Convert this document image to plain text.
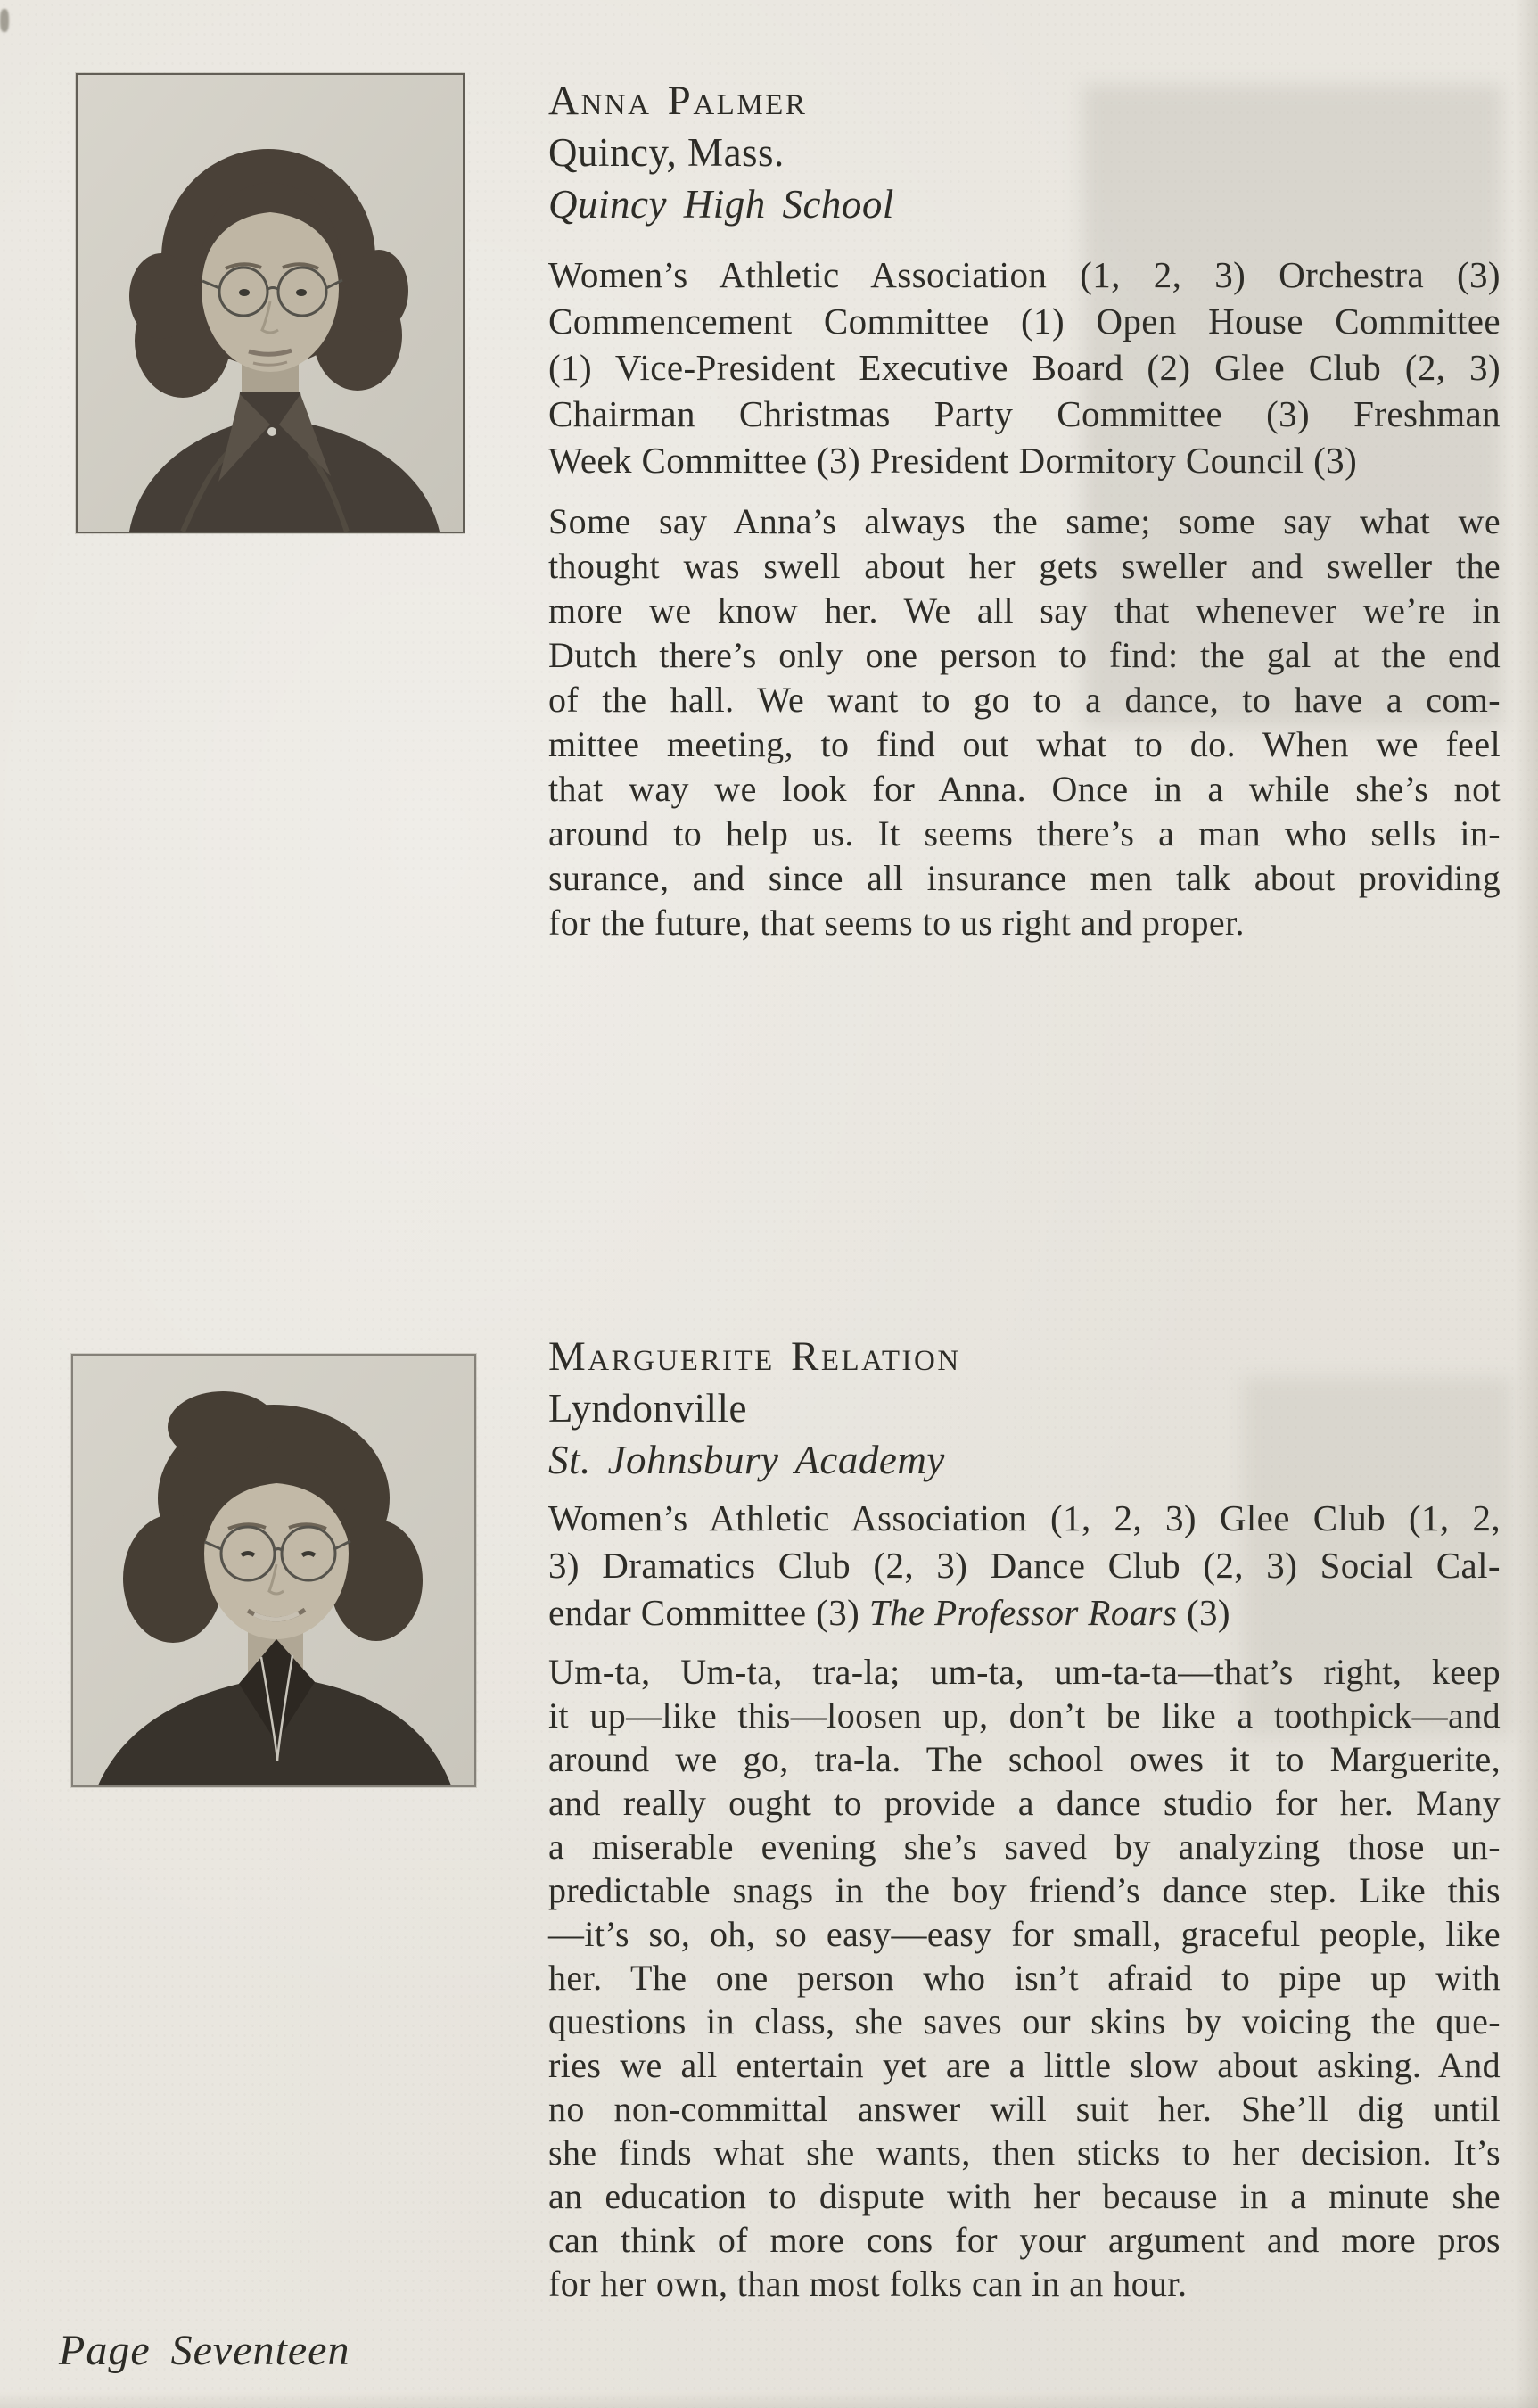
Anna Palmer
Quincy, Mass.
Quincy High School
Women’s Athletic Association (1, 2, 3) Orchestra (3)
Commencement Committee (1) Open House Committee
(1) Vice-President Executive Board (2) Glee Club (2, 3)
Chairman Christmas Party Committee (3) Freshman
Week Committee (3) President Dormitory Council (3)
Some say Anna’s always the same; some say what we
thought was swell about her gets sweller and sweller the
more we know her. We all say that whenever we’re in
Dutch there’s only one person to find: the gal at the end
of the hall. We want to go to a dance, to have a com-
mittee meeting, to find out what to do. When we feel
that way we look for Anna. Once in a while she’s not
around to help us. It seems there’s a man who sells in-
surance, and since all insurance men talk about providing
for the future, that seems to us right and proper.
Marguerite Relation
Lyndonville
St. Johnsbury Academy
Women’s Athletic Association (1, 2, 3) Glee Club (1, 2,
3) Dramatics Club (2, 3) Dance Club (2, 3) Social Cal-
endar Committee (3) The Professor Roars (3)
Um-ta, Um-ta, tra-la; um-ta, um-ta-ta—that’s right, keep
it up—like this—loosen up, don’t be like a toothpick—and
around we go, tra-la. The school owes it to Marguerite,
and really ought to provide a dance studio for her. Many
a miserable evening she’s saved by analyzing those un-
predictable snags in the boy friend’s dance step. Like this
—it’s so, oh, so easy—easy for small, graceful people, like
her. The one person who isn’t afraid to pipe up with
questions in class, she saves our skins by voicing the que-
ries we all entertain yet are a little slow about asking. And
no non-committal answer will suit her. She’ll dig until
she finds what she wants, then sticks to her decision. It’s
an education to dispute with her because in a minute she
can think of more cons for your argument and more pros
for her own, than most folks can in an hour.
Page Seventeen
